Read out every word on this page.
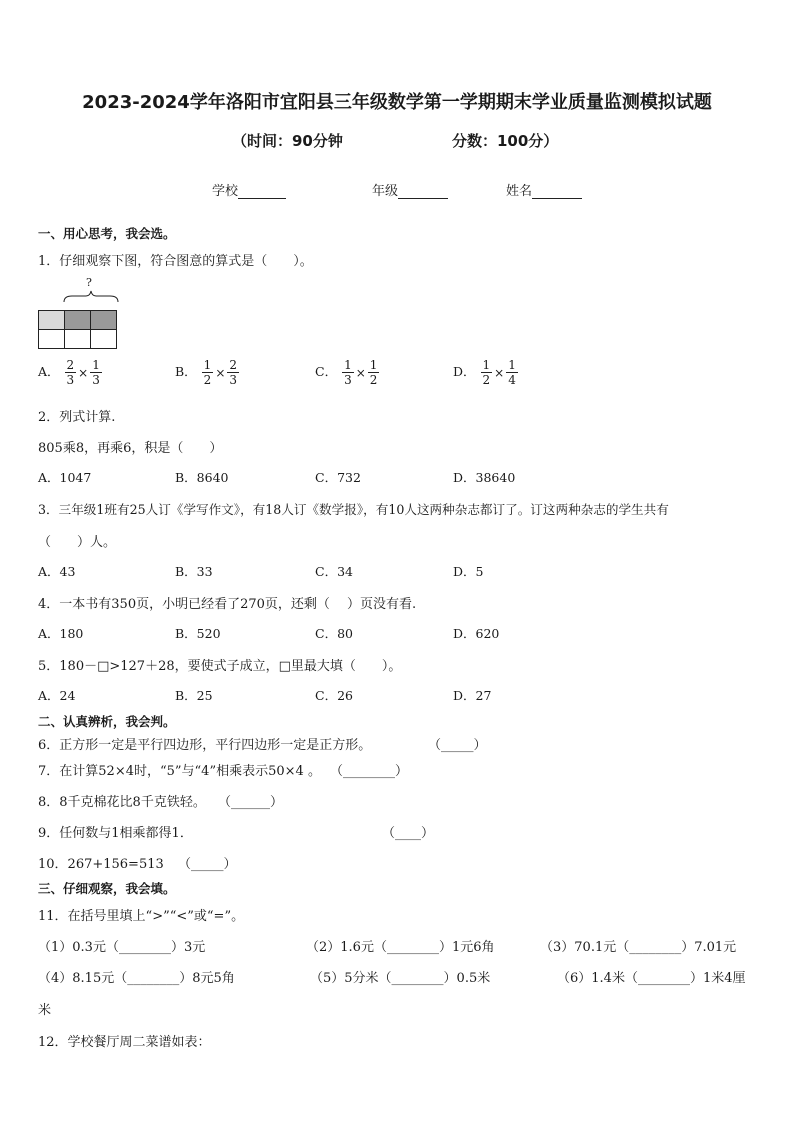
2023-2024学年洛阳市宜阳县三年级数学第一学期期末学业质量监测模拟试题
（时间：90分钟	分数：100分）
学校	年级	姓名
一、用心思考，我会选。
1．仔细观察下图，符合图意的算式是（　　）。
?

A． $\frac{2}{3} \times \frac{1}{3}$	B． $\frac{1}{2} \times \frac{2}{3}$	C． $\frac{1}{3} \times \frac{1}{2}$	D． $\frac{1}{2} \times \frac{1}{4}$
2．列式计算.
805乘8，再乘6，积是（　　）
A．1047	B．8640	C．732	D．38640
3．三年级1班有25人订《学写作文》，有18人订《数学报》，有10人这两种杂志都订了。订这两种杂志的学生共有
（　　）人。
A．43	B．33	C．34	D．5
4．一本书有350页，小明已经看了270页，还剩（　 ）页没有看.
A．180	B．520	C．80	D．620
5．180－□>127＋28，要使式子成立，□里最大填（　　）。
A．24	B．25	C．26	D．27
二、认真辨析，我会判。
6．正方形一定是平行四边形，平行四边形一定是正方形。	（_____）
7．在计算52×4时，“5”与“4”相乘表示50×4 。 （________）
8．8千克棉花比8千克铁轻。 （______）
9．任何数与1相乘都得1．	（____）
10．267+156=513 （_____）
三、仔细观察，我会填。
11．在括号里填上“>”“<”或“=”。
（1）0.3元（________）3元	（2）1.6元（________）1元6角	（3）70.1元（________）7.01元
（4）8.15元（________）8元5角	（5）5分米（________）0.5米	（6）1.4米（________）1米4厘
米
12．学校餐厅周二菜谱如表：
